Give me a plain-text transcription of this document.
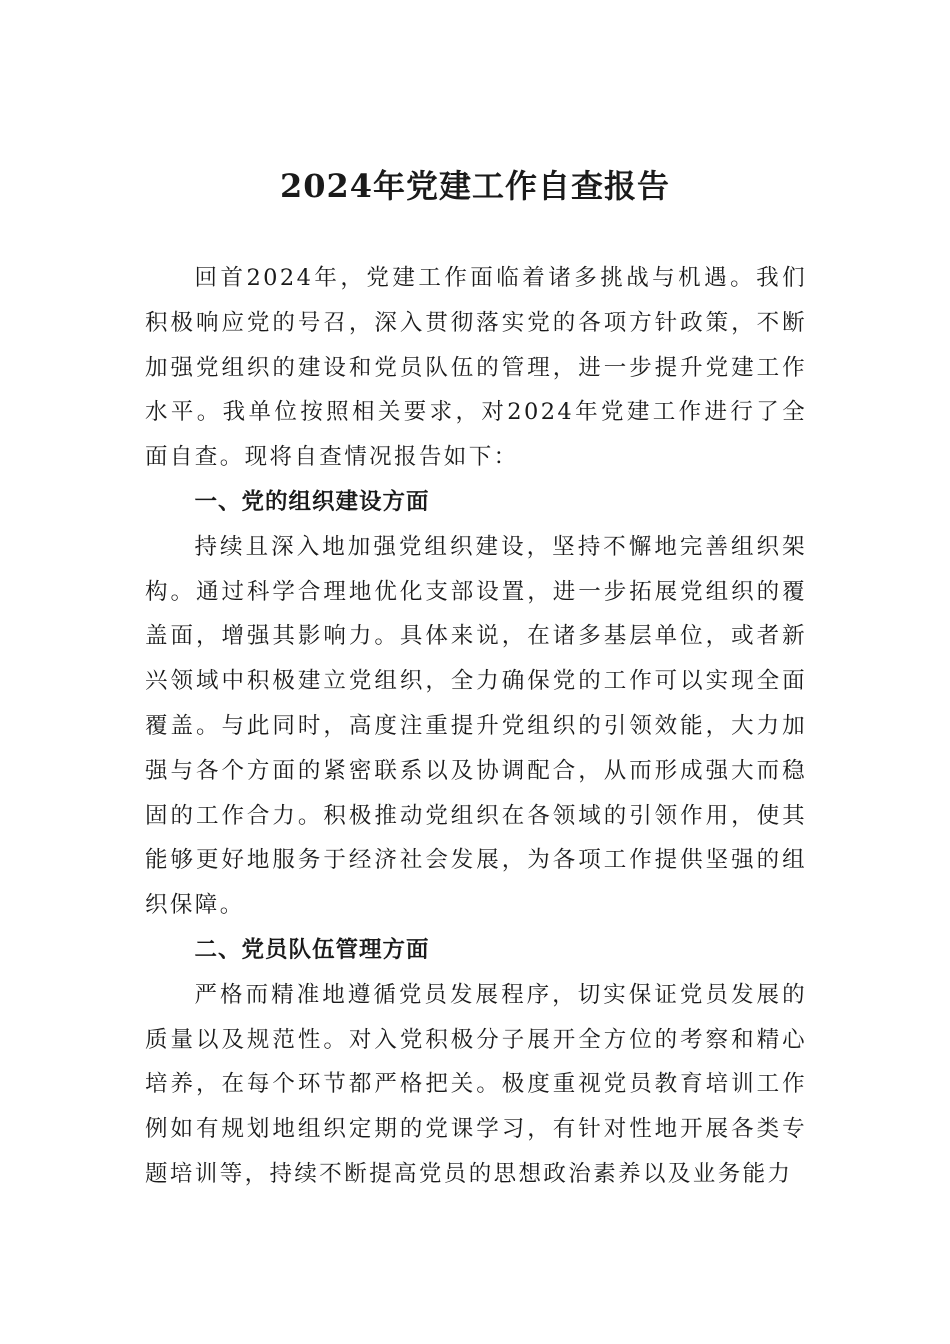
2024年党建工作自查报告

回首2024年，党建工作面临着诸多挑战与机遇。我们积极响应党的号召，深入贯彻落实党的各项方针政策，不断加强党组织的建设和党员队伍的管理，进一步提升党建工作水平。我单位按照相关要求，对2024年党建工作进行了全面自查。现将自查情况报告如下：

一、党的组织建设方面

持续且深入地加强党组织建设，坚持不懈地完善组织架构。通过科学合理地优化支部设置，进一步拓展党组织的覆盖面，增强其影响力。具体来说，在诸多基层单位，或者新兴领域中积极建立党组织，全力确保党的工作可以实现全面覆盖。与此同时，高度注重提升党组织的引领效能，大力加强与各个方面的紧密联系以及协调配合，从而形成强大而稳固的工作合力。积极推动党组织在各领域的引领作用，使其能够更好地服务于经济社会发展，为各项工作提供坚强的组织保障。

二、党员队伍管理方面

严格而精准地遵循党员发展程序，切实保证党员发展的质量以及规范性。对入党积极分子展开全方位的考察和精心培养，在每个环节都严格把关。极度重视党员教育培训工作例如有规划地组织定期的党课学习，有针对性地开展各类专题培训等，持续不断提高党员的思想政治素养以及业务能力
